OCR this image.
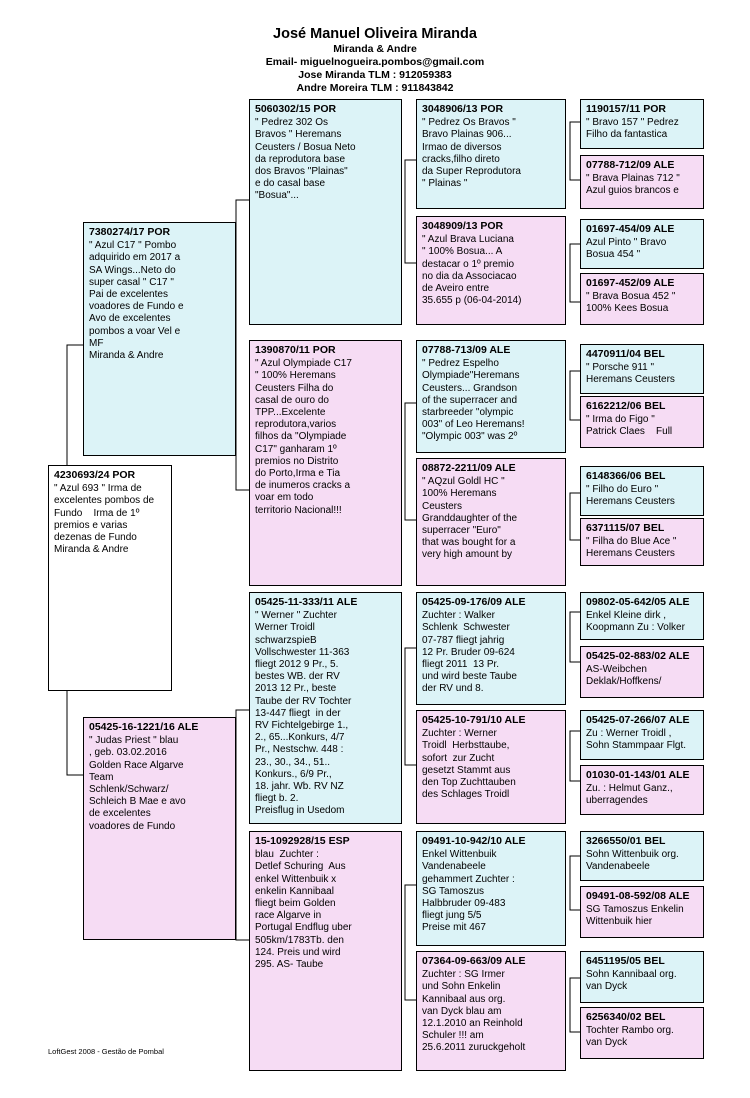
José Manuel Oliveira Miranda
Miranda & Andre
Email- miguelnogueira.pombos@gmail.com
Jose Miranda TLM : 912059383
Andre Moreira TLM : 911843842
4230693/24 POR
" Azul 693 " Irma de
excelentes pombos de
Fundo    Irma de 1º
premios e varias
dezenas de Fundo
Miranda & Andre
7380274/17 POR
" Azul C17 " Pombo
adquirido em 2017 a
SA Wings...Neto do
super casal " C17 "
Pai de excelentes
voadores de Fundo e
Avo de excelentes
pombos a voar Vel e
MF
Miranda & Andre
05425-16-1221/16 ALE
" Judas Priest " blau
, geb. 03.02.2016
Golden Race Algarve
Team
Schlenk/Schwarz/
Schleich B Mae e avo
de excelentes
voadores de Fundo
5060302/15 POR
" Pedrez 302 Os
Bravos " Heremans
Ceusters / Bosua Neto
da reprodutora base
dos Bravos "Plainas"
e do casal base
"Bosua"...
1390870/11 POR
" Azul Olympiade C17
" 100% Heremans
Ceusters Filha do
casal de ouro do
TPP...Excelente
reprodutora,varios
filhos da "Olympiade
C17" ganharam 1º
premios no Distrito
do Porto,Irma e Tia
de inumeros cracks a
voar em todo
territorio Nacional!!!
05425-11-333/11 ALE
" Werner " Zuchter
Werner Troidl
schwarzspieB
Vollschwester 11-363
fliegt 2012 9 Pr., 5.
bestes WB. der RV
2013 12 Pr., beste
Taube der RV Tochter
13-447 fliegt  in der
RV Fichtelgebirge 1.,
2., 65...Konkurs, 4/7
Pr., Nestschw. 448 :
23., 30., 34., 51..
Konkurs., 6/9 Pr.,
18. jahr. Wb. RV NZ
fliegt b. 2.
Preisflug in Usedom
15-1092928/15 ESP
blau  Zuchter :
Detlef Schuring  Aus
enkel Wittenbuik x
enkelin Kannibaal
fliegt beim Golden
race Algarve in
Portugal Endflug uber
505km/1783Tb. den
124. Preis und wird
295. AS- Taube
3048906/13 POR
" Pedrez Os Bravos "
Bravo Plainas 906...
Irmao de diversos
cracks,filho direto
da Super Reprodutora
" Plainas "
3048909/13 POR
" Azul Brava Luciana
" 100% Bosua... A
destacar o 1º premio
no dia da Associacao
de Aveiro entre
35.655 p (06-04-2014)
07788-713/09 ALE
" Pedrez Espelho
Olympiade"Heremans
Ceusters... Grandson
of the superracer and
starbreeder "olympic
003" of Leo Heremans!
"Olympic 003" was 2º
08872-2211/09 ALE
" AQzul Goldl HC "
100% Heremans
Ceusters
Granddaughter of the
superracer "Euro"
that was bought for a
very high amount by
05425-09-176/09 ALE
Zuchter : Walker
Schlenk  Schwester
07-787 fliegt jahrig
12 Pr. Bruder 09-624
fliegt 2011  13 Pr.
und wird beste Taube
der RV und 8.
05425-10-791/10 ALE
Zuchter : Werner
Troidl  Herbsttaube,
sofort  zur Zucht
gesetzt Stammt aus
den Top Zuchttauben
des Schlages Troidl
09491-10-942/10 ALE
Enkel Wittenbuik
Vandenabeele
gehammert Zuchter :
SG Tamoszus
Halbbruder 09-483
fliegt jung 5/5
Preise mit 467
07364-09-663/09 ALE
Zuchter : SG Irmer
und Sohn Enkelin
Kannibaal aus org.
van Dyck blau am
12.1.2010 an Reinhold
Schuler !!! am
25.6.2011 zuruckgeholt
1190157/11 POR
" Bravo 157 " Pedrez
Filho da fantastica
07788-712/09 ALE
" Brava Plainas 712 "
Azul guios brancos e
01697-454/09 ALE
Azul Pinto " Bravo
Bosua 454 "
01697-452/09 ALE
" Brava Bosua 452 "
100% Kees Bosua
4470911/04 BEL
" Porsche 911 "
Heremans Ceusters
6162212/06 BEL
" Irma do Figo "
Patrick Claes    Full
6148366/06 BEL
" Filho do Euro "
Heremans Ceusters
6371115/07 BEL
" Filha do Blue Ace "
Heremans Ceusters
09802-05-642/05 ALE
Enkel Kleine dirk ,
Koopmann Zu : Volker
05425-02-883/02 ALE
AS-Weibchen
Deklak/Hoffkens/
05425-07-266/07 ALE
Zu : Werner Troidl ,
Sohn Stammpaar Flgt.
01030-01-143/01 ALE
Zu. : Helmut Ganz.,
uberragendes
3266550/01 BEL
Sohn Wittenbuik org.
Vandenabeele
09491-08-592/08 ALE
SG Tamoszus Enkelin
Wittenbuik hier
6451195/05 BEL
Sohn Kannibaal org.
van Dyck
6256340/02 BEL
Tochter Rambo org.
van Dyck
LoftGest 2008 - Gestão de Pombal
